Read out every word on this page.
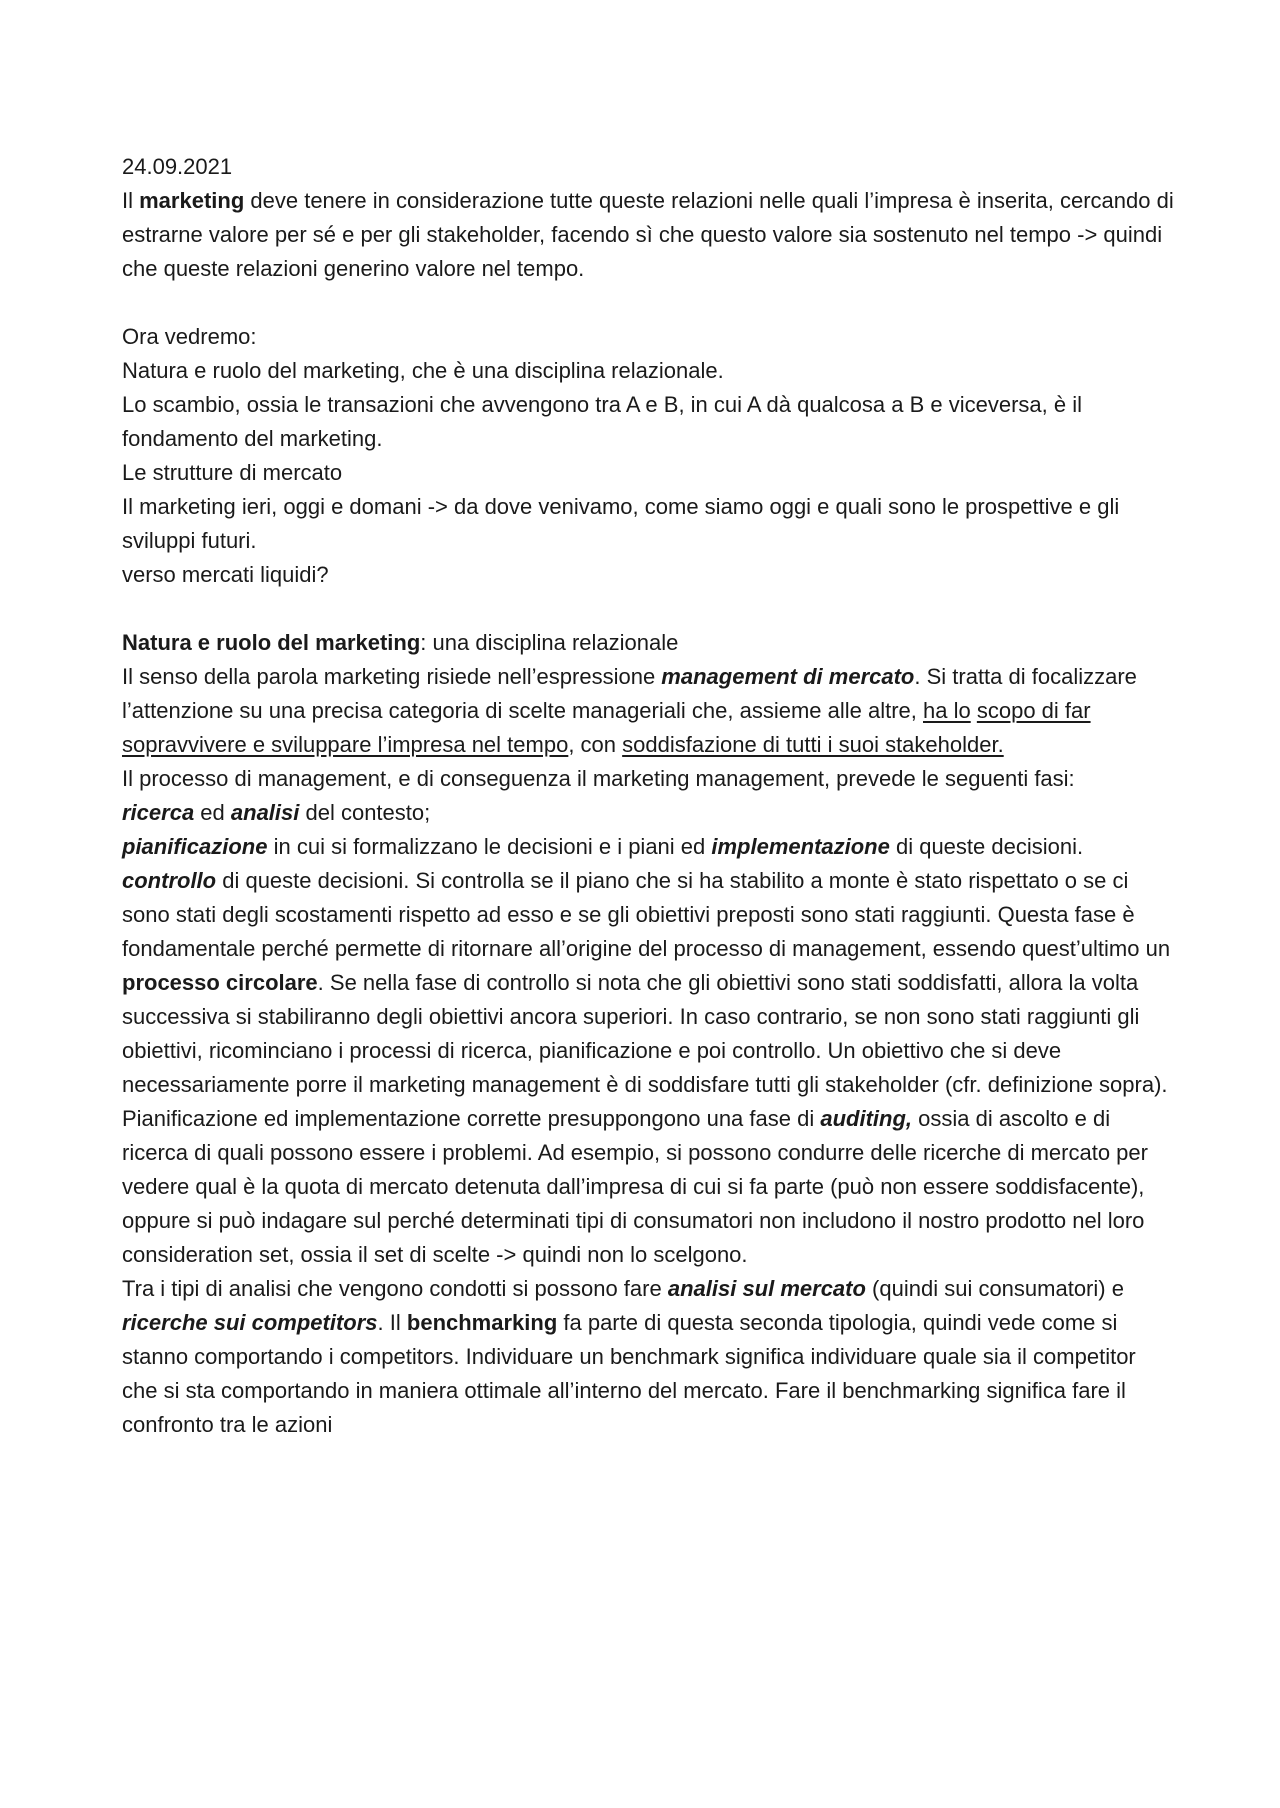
24.09.2021

Il marketing deve tenere in considerazione tutte queste relazioni nelle quali l’impresa è inserita, cercando di estrarne valore per sé e per gli stakeholder, facendo sì che questo valore sia sostenuto nel tempo -> quindi che queste relazioni generino valore nel tempo.

Ora vedremo:

Natura e ruolo del marketing, che è una disciplina relazionale.

Lo scambio, ossia le transazioni che avvengono tra A e B, in cui A dà qualcosa a B e viceversa, è il fondamento del marketing.

Le strutture di mercato

Il marketing ieri, oggi e domani -> da dove venivamo, come siamo oggi e quali sono le prospettive e gli sviluppi futuri.

verso mercati liquidi?

Natura e ruolo del marketing: una disciplina relazionale

Il senso della parola marketing risiede nell’espressione management di mercato. Si tratta di focalizzare l’attenzione su una precisa categoria di scelte manageriali che, assieme alle altre, ha lo scopo di far sopravvivere e sviluppare l’impresa nel tempo, con soddisfazione di tutti i suoi stakeholder.

Il processo di management, e di conseguenza il marketing management, prevede le seguenti fasi:

ricerca ed analisi del contesto;

pianificazione in cui si formalizzano le decisioni e i piani ed implementazione di queste decisioni.

controllo di queste decisioni. Si controlla se il piano che si ha stabilito a monte è stato rispettato o se ci sono stati degli scostamenti rispetto ad esso e se gli obiettivi preposti sono stati raggiunti. Questa fase è fondamentale perché permette di ritornare all’origine del processo di management, essendo quest’ultimo un processo circolare. Se nella fase di controllo si nota che gli obiettivi sono stati soddisfatti, allora la volta successiva si stabiliranno degli obiettivi ancora superiori. In caso contrario, se non sono stati raggiunti gli obiettivi, ricominciano i processi di ricerca, pianificazione e poi controllo. Un obiettivo che si deve necessariamente porre il marketing management è di soddisfare tutti gli stakeholder (cfr. definizione sopra).

Pianificazione ed implementazione corrette presuppongono una fase di auditing, ossia di ascolto e di ricerca di quali possono essere i problemi. Ad esempio, si possono condurre delle ricerche di mercato per vedere qual è la quota di mercato detenuta dall’impresa di cui si fa parte (può non essere soddisfacente), oppure si può indagare sul perché determinati tipi di consumatori non includono il nostro prodotto nel loro consideration set, ossia il set di scelte -> quindi non lo scelgono.

Tra i tipi di analisi che vengono condotti si possono fare analisi sul mercato (quindi sui consumatori) e ricerche sui competitors. Il benchmarking fa parte di questa seconda tipologia, quindi vede come si stanno comportando i competitors. Individuare un benchmark significa individuare quale sia il competitor che si sta comportando in maniera ottimale all’interno del mercato. Fare il benchmarking significa fare il confronto tra le azioni
